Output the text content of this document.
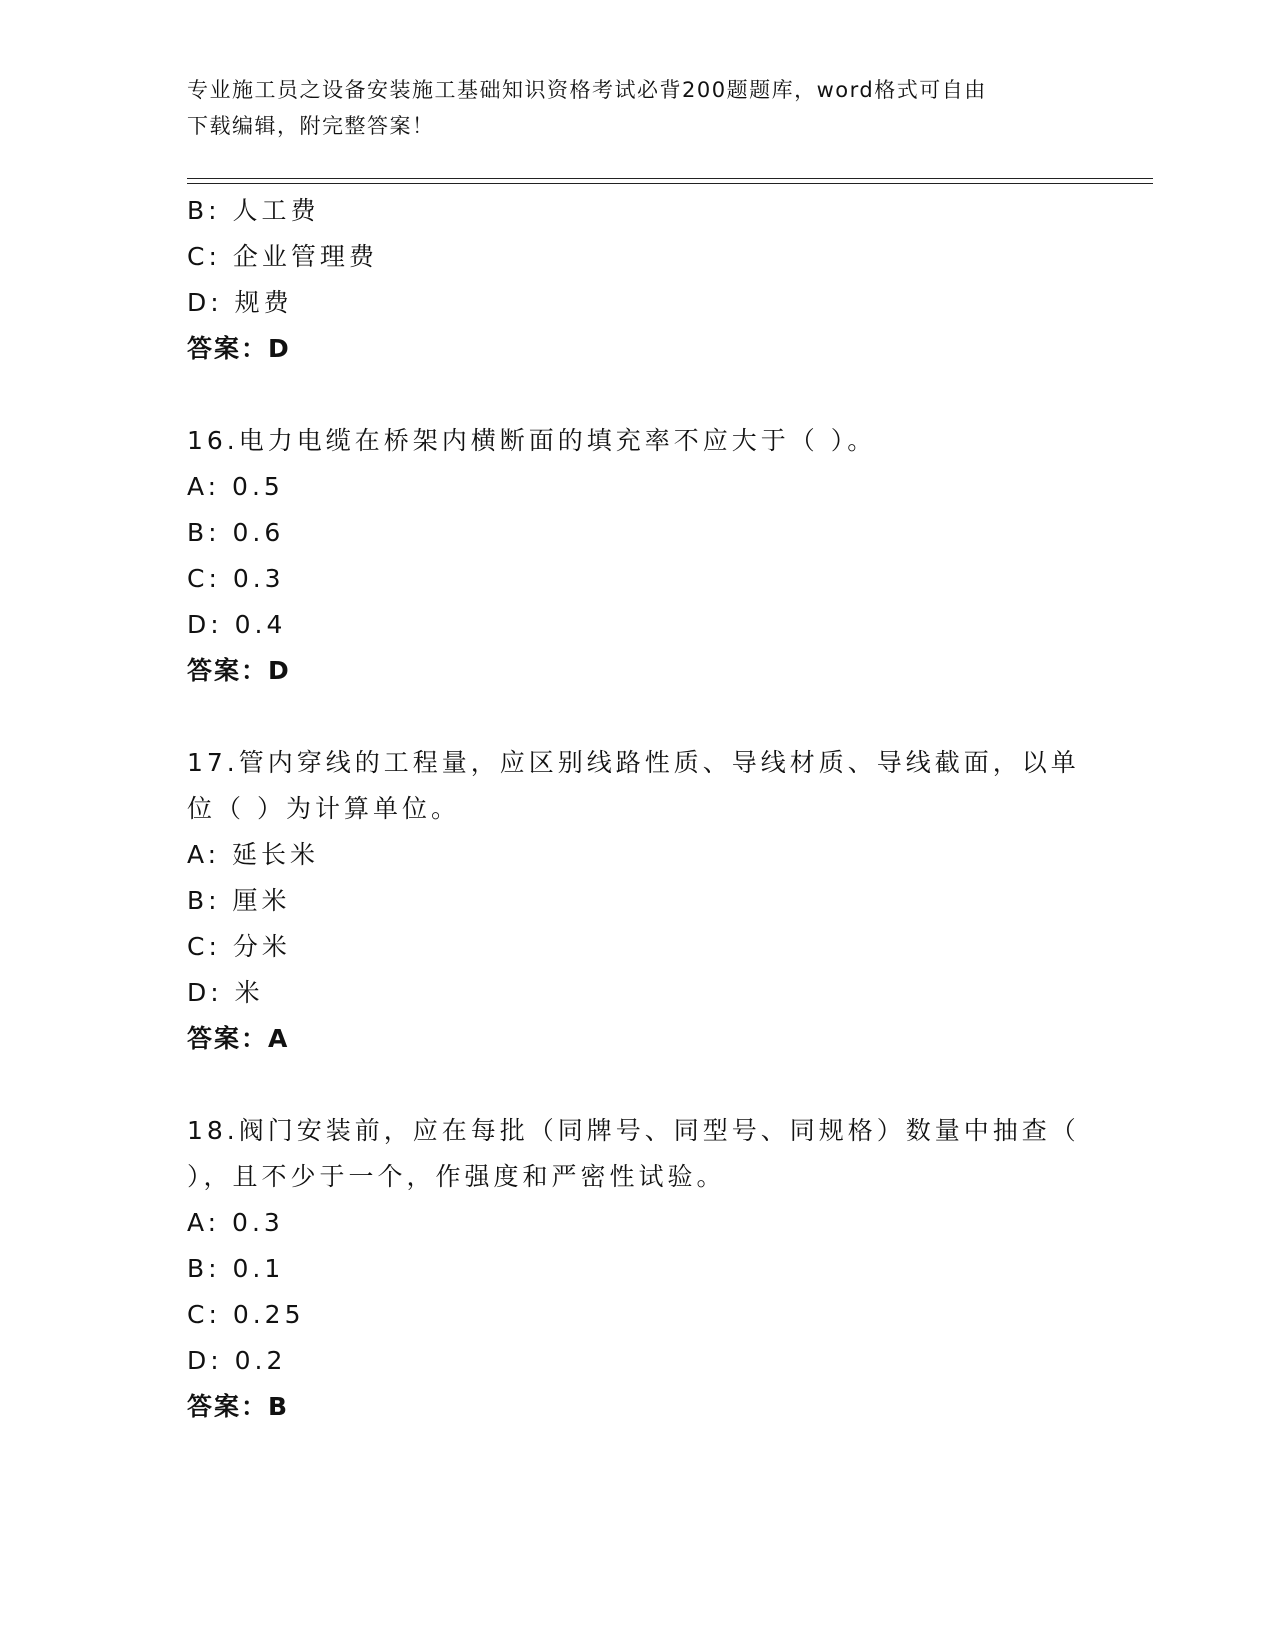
专业施工员之设备安装施工基础知识资格考试必背200题题库，word格式可自由
下载编辑，附完整答案！
B: 人工费
C: 企业管理费
D: 规费
答案：D
16.电力电缆在桥架内横断面的填充率不应大于（ ）。
A: 0.5
B: 0.6
C: 0.3
D: 0.4
答案：D
17.管内穿线的工程量，应区别线路性质、导线材质、导线截面，以单
位（ ）为计算单位。
A: 延长米
B: 厘米
C: 分米
D: 米
答案：A
18.阀门安装前，应在每批（同牌号、同型号、同规格）数量中抽查（
），且不少于一个，作强度和严密性试验。
A: 0.3
B: 0.1
C: 0.25
D: 0.2
答案：B
